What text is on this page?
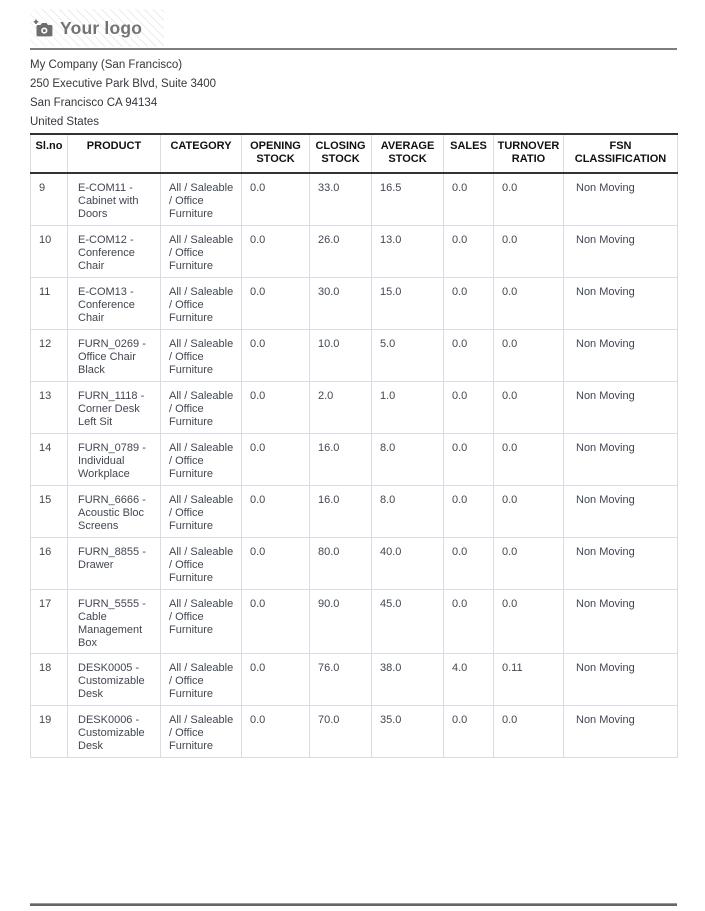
Your logo
My Company (San Francisco)
250 Executive Park Blvd, Suite 3400
San Francisco CA 94134
United States
Sl.no	PRODUCT	CATEGORY	OPENING STOCK	CLOSING STOCK	AVERAGE STOCK	SALES	TURNOVER RATIO	FSN CLASSIFICATION
9	E-COM11 - Cabinet with Doors	All / Saleable / Office Furniture	0.0	33.0	16.5	0.0	0.0	Non Moving
10	E-COM12 - Conference Chair	All / Saleable / Office Furniture	0.0	26.0	13.0	0.0	0.0	Non Moving
11	E-COM13 - Conference Chair	All / Saleable / Office Furniture	0.0	30.0	15.0	0.0	0.0	Non Moving
12	FURN_0269 - Office Chair Black	All / Saleable / Office Furniture	0.0	10.0	5.0	0.0	0.0	Non Moving
13	FURN_1118 - Corner Desk Left Sit	All / Saleable / Office Furniture	0.0	2.0	1.0	0.0	0.0	Non Moving
14	FURN_0789 - Individual Workplace	All / Saleable / Office Furniture	0.0	16.0	8.0	0.0	0.0	Non Moving
15	FURN_6666 - Acoustic Bloc Screens	All / Saleable / Office Furniture	0.0	16.0	8.0	0.0	0.0	Non Moving
16	FURN_8855 - Drawer	All / Saleable / Office Furniture	0.0	80.0	40.0	0.0	0.0	Non Moving
17	FURN_5555 - Cable Management Box	All / Saleable / Office Furniture	0.0	90.0	45.0	0.0	0.0	Non Moving
18	DESK0005 - Customizable Desk	All / Saleable / Office Furniture	0.0	76.0	38.0	4.0	0.11	Non Moving
19	DESK0006 - Customizable Desk	All / Saleable / Office Furniture	0.0	70.0	35.0	0.0	0.0	Non Moving
